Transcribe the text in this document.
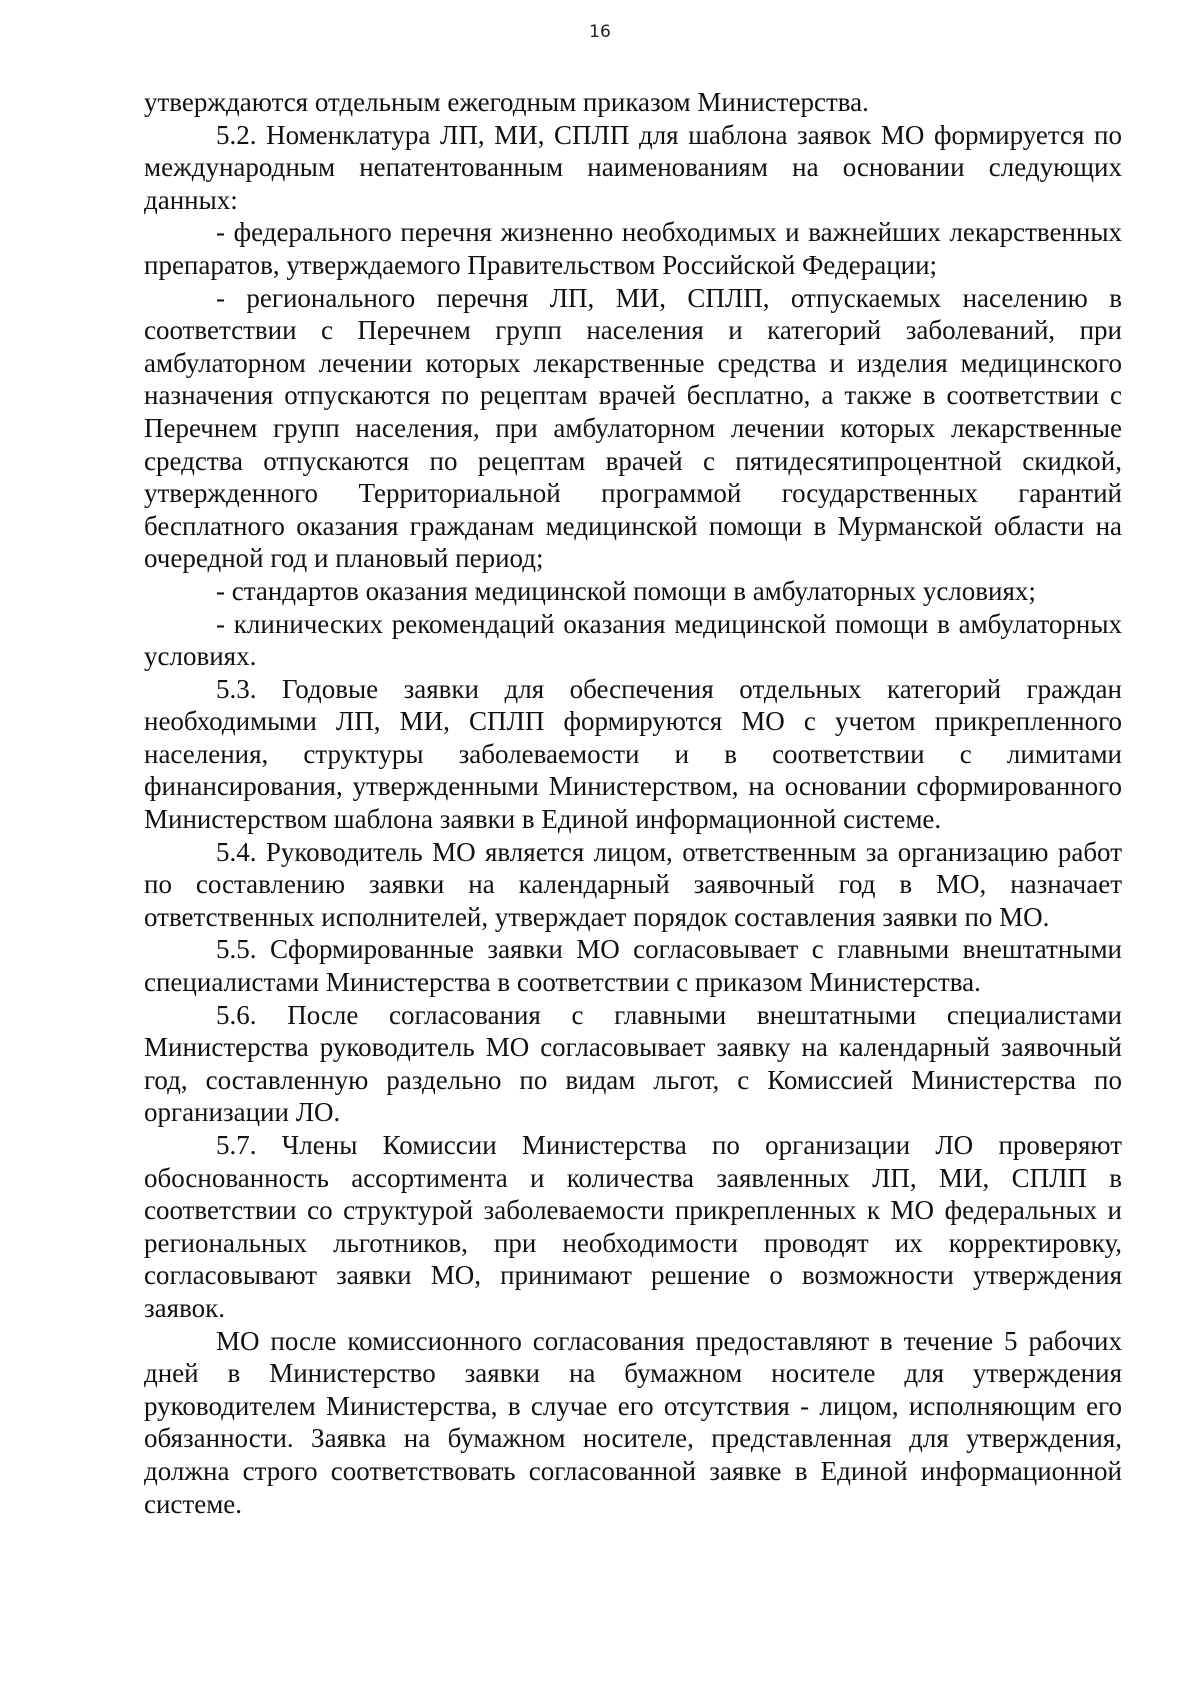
16

утверждаются отдельным ежегодным приказом Министерства.

5.2. Номенклатура ЛП, МИ, СПЛП для шаблона заявок МО формируется по международным непатентованным наименованиям на основании следующих данных:

- федерального перечня жизненно необходимых и важнейших лекарственных препаратов, утверждаемого Правительством Российской Федерации;

- регионального перечня ЛП, МИ, СПЛП, отпускаемых населению в соответствии с Перечнем групп населения и категорий заболеваний, при амбулаторном лечении которых лекарственные средства и изделия медицинского назначения отпускаются по рецептам врачей бесплатно, а также в соответствии с Перечнем групп населения, при амбулаторном лечении которых лекарственные средства отпускаются по рецептам врачей с пятидесятипроцентной скидкой, утвержденного Территориальной программой государственных гарантий бесплатного оказания гражданам медицинской помощи в Мурманской области на очередной год и плановый период;

- стандартов оказания медицинской помощи в амбулаторных условиях;

- клинических рекомендаций оказания медицинской помощи в амбулаторных условиях.

5.3. Годовые заявки для обеспечения отдельных категорий граждан необходимыми ЛП, МИ, СПЛП формируются МО с учетом прикрепленного населения, структуры заболеваемости и в соответствии с лимитами финансирования, утвержденными Министерством, на основании сформированного Министерством шаблона заявки в Единой информационной системе.

5.4. Руководитель МО является лицом, ответственным за организацию работ по составлению заявки на календарный заявочный год в МО, назначает ответственных исполнителей, утверждает порядок составления заявки по МО.

5.5. Сформированные заявки МО согласовывает с главными внештатными специалистами Министерства в соответствии с приказом Министерства.

5.6. После согласования с главными внештатными специалистами Министерства руководитель МО согласовывает заявку на календарный заявочный год, составленную раздельно по видам льгот, с Комиссией Министерства по организации ЛО.

5.7. Члены Комиссии Министерства по организации ЛО проверяют обоснованность ассортимента и количества заявленных ЛП, МИ, СПЛП в соответствии со структурой заболеваемости прикрепленных к МО федеральных и региональных льготников, при необходимости проводят их корректировку, согласовывают заявки МО, принимают решение о возможности утверждения заявок.

МО после комиссионного согласования предоставляют в течение 5 рабочих дней в Министерство заявки на бумажном носителе для утверждения руководителем Министерства, в случае его отсутствия - лицом, исполняющим его обязанности. Заявка на бумажном носителе, представленная для утверждения, должна строго соответствовать согласованной заявке в Единой информационной системе.
